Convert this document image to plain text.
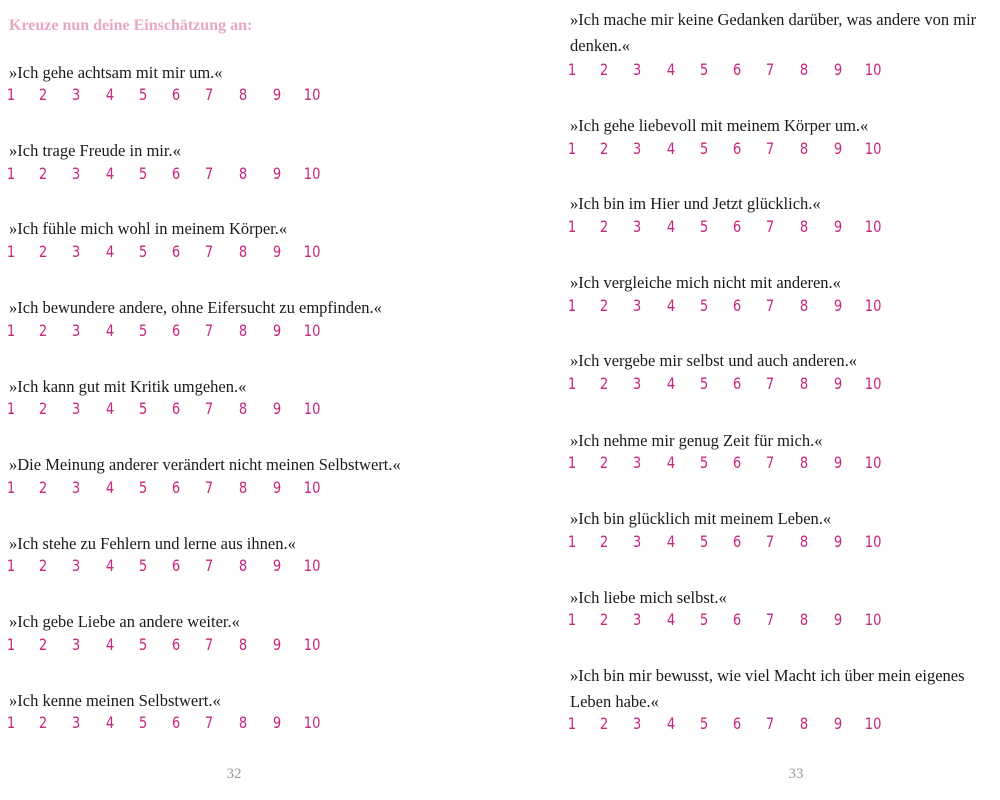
Kreuze nun deine Einschätzung an:
»Ich gehe achtsam mit mir um.«
1 2 3 4 5 6 7 8 9 10
»Ich trage Freude in mir.«
1 2 3 4 5 6 7 8 9 10
»Ich fühle mich wohl in meinem Körper.«
1 2 3 4 5 6 7 8 9 10
»Ich bewundere andere, ohne Eifersucht zu empfinden.«
1 2 3 4 5 6 7 8 9 10
»Ich kann gut mit Kritik umgehen.«
1 2 3 4 5 6 7 8 9 10
»Die Meinung anderer verändert nicht meinen Selbstwert.«
1 2 3 4 5 6 7 8 9 10
»Ich stehe zu Fehlern und lerne aus ihnen.«
1 2 3 4 5 6 7 8 9 10
»Ich gebe Liebe an andere weiter.«
1 2 3 4 5 6 7 8 9 10
»Ich kenne meinen Selbstwert.«
1 2 3 4 5 6 7 8 9 10
32
»Ich mache mir keine Gedanken darüber, was andere von mir denken.«
1 2 3 4 5 6 7 8 9 10
»Ich gehe liebevoll mit meinem Körper um.«
1 2 3 4 5 6 7 8 9 10
»Ich bin im Hier und Jetzt glücklich.«
1 2 3 4 5 6 7 8 9 10
»Ich vergleiche mich nicht mit anderen.«
1 2 3 4 5 6 7 8 9 10
»Ich vergebe mir selbst und auch anderen.«
1 2 3 4 5 6 7 8 9 10
»Ich nehme mir genug Zeit für mich.«
1 2 3 4 5 6 7 8 9 10
»Ich bin glücklich mit meinem Leben.«
1 2 3 4 5 6 7 8 9 10
»Ich liebe mich selbst.«
1 2 3 4 5 6 7 8 9 10
»Ich bin mir bewusst, wie viel Macht ich über mein eigenes Leben habe.«
1 2 3 4 5 6 7 8 9 10
33
